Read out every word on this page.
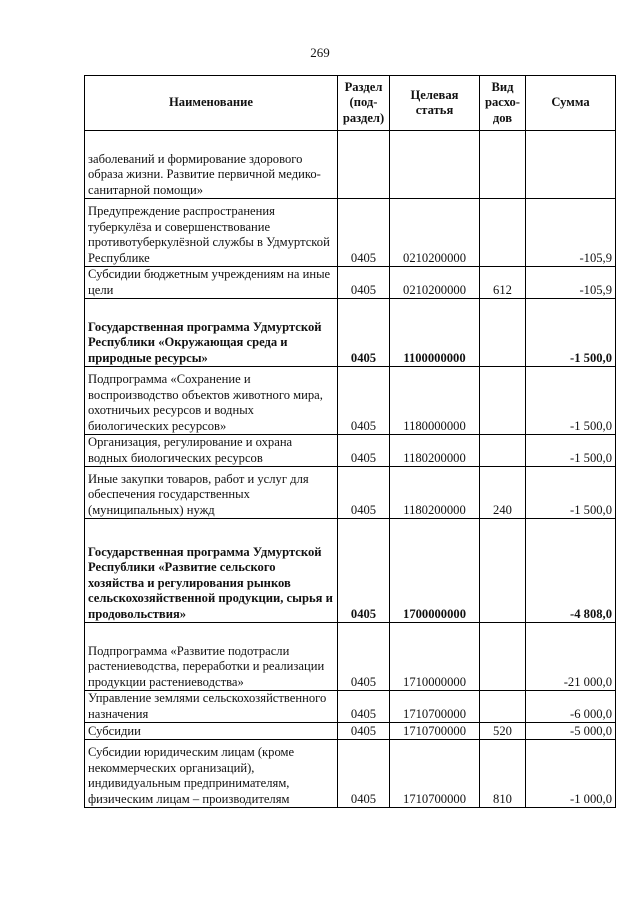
269
Наименование	Раздел (под-раздел)	Целевая статья	Вид расхо-дов	Сумма
заболеваний и формирование здорового образа жизни. Развитие первичной медико-санитарной помощи»				
Предупреждение распространения туберкулёза и совершенствование противотуберкулёзной службы в Удмуртской Республике	0405	0210200000		-105,9
Субсидии бюджетным учреждениям на иные цели	0405	0210200000	612	-105,9
Государственная программа Удмуртской Республики «Окружающая среда и природные ресурсы»	0405	1100000000		-1 500,0
Подпрограмма «Сохранение и воспроизводство объектов животного мира, охотничьих ресурсов и водных биологических ресурсов»	0405	1180000000		-1 500,0
Организация, регулирование и охрана водных биологических ресурсов	0405	1180200000		-1 500,0
Иные закупки товаров, работ и услуг для обеспечения государственных (муниципальных) нужд	0405	1180200000	240	-1 500,0
Государственная программа Удмуртской Республики «Развитие сельского хозяйства и регулирования рынков сельскохозяйственной продукции, сырья и продовольствия»	0405	1700000000		-4 808,0
Подпрограмма «Развитие подотрасли растениеводства, переработки и реализации продукции растениеводства»	0405	1710000000		-21 000,0
Управление землями сельскохозяйственного назначения	0405	1710700000		-6 000,0
Субсидии	0405	1710700000	520	-5 000,0
Субсидии юридическим лицам (кроме некоммерческих организаций), индивидуальным предпринимателям, физическим лицам – производителям	0405	1710700000	810	-1 000,0
